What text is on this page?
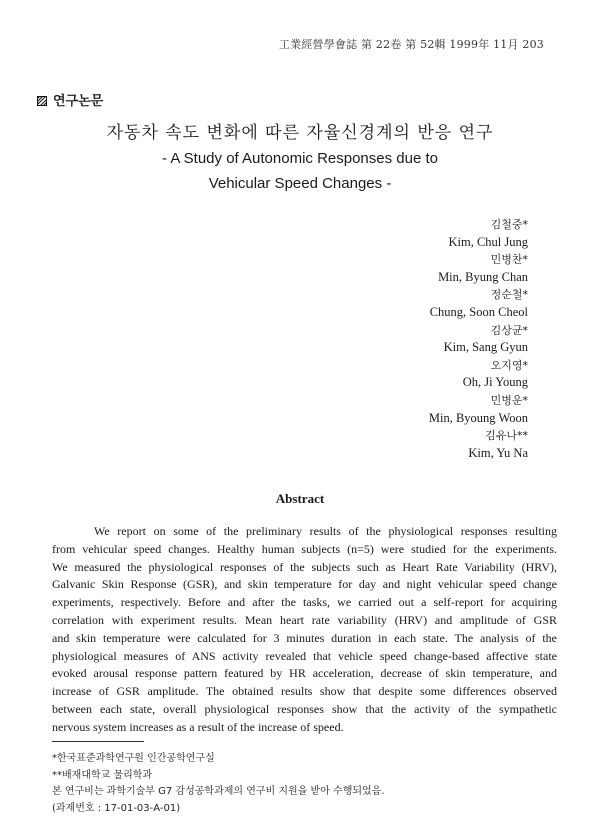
工業經營學會誌 第 22卷 第 52輯 1999年 11月 203
연구논문
자동차 속도 변화에 따른 자율신경계의 반응 연구
- A Study of Autonomic Responses due to
Vehicular Speed Changes -
김철중*
Kim, Chul Jung
민병찬*
Min, Byung Chan
정순철*
Chung, Soon Cheol
김상균*
Kim, Sang Gyun
오지영*
Oh, Ji Young
민병운*
Min, Byoung Woon
김유나**
Kim, Yu Na
Abstract
We report on some of the preliminary results of the physiological responses resulting
from vehicular speed changes. Healthy human subjects (n=5) were studied for the experiments.
We measured the physiological responses of the subjects such as Heart Rate Variability (HRV),
Galvanic Skin Response (GSR), and skin temperature for day and night vehicular speed change
experiments, respectively. Before and after the tasks, we carried out a self-report for acquiring
correlation with experiment results. Mean heart rate variability (HRV) and amplitude of GSR
and skin temperature were calculated for 3 minutes duration in each state. The analysis of the
physiological measures of ANS activity revealed that vehicle speed change-based affective state
evoked arousal response pattern featured by HR acceleration, decrease of skin temperature, and
increase of GSR amplitude. The obtained results show that despite some differences observed
between each state, overall physiological responses show that the activity of the sympathetic
nervous system increases as a result of the increase of speed.
*한국표준과학연구원 인간공학연구실
**배재대학교 물리학과
본 연구비는 과학기술부 G7 감성공학과제의 연구비 지원을 받아 수행되었음.
(과제번호 : 17-01-03-A-01)
